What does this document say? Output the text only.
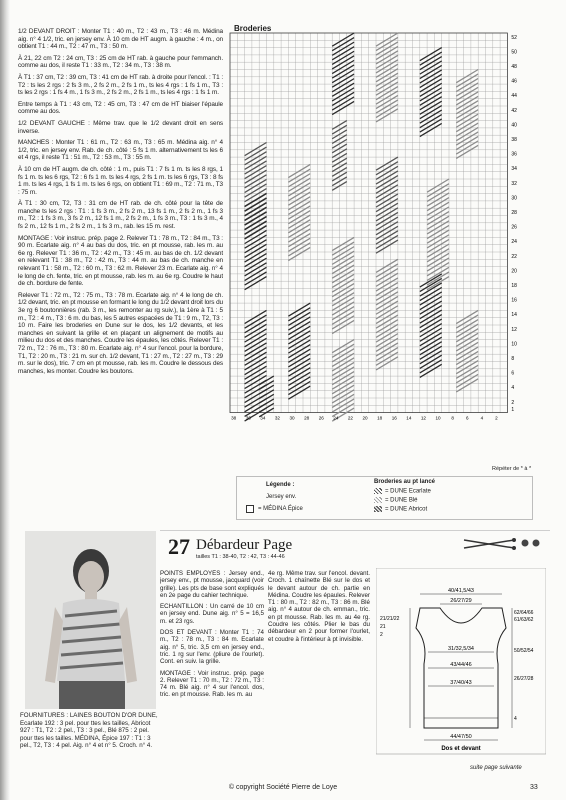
1/2 DEVANT DROIT : Monter T1 : 40 m., T2 : 43 m., T3 : 46 m. Médina aig. n° 4 1/2, tric. en jersey env. À 10 cm de HT augm. à gauche : 4 m., on obtient T1 : 44 m., T2 : 47 m., T3 : 50 m.

À 21, 22 cm T2 : 24 cm, T3 : 25 cm de HT rab. à gauche pour l'emmanch. comme au dos, il reste T1 : 33 m., T2 : 34 m., T3 : 38 m.

À T1 : 37 cm, T2 : 39 cm, T3 : 41 cm de HT rab. à droite pour l'encol. : T1 : T2 : ts les 2 rgs : 2 fs 3 m., 2 fs 2 m., 2 fs 1 m., ts les 4 rgs : 1 fs 1 m., T3 : ts les 2 rgs : 1 fs 4 m., 1 fs 3 m., 2 fs 2 m., 2 fs 1 m., ts les 4 rgs : 1 fs 1 m.

Entre temps à T1 : 43 cm, T2 : 45 cm, T3 : 47 cm de HT biaiser l'épaule comme au dos.

1/2 DEVANT GAUCHE : Même trav. que le 1/2 devant droit en sens inverse.

MANCHES : Monter T1 : 61 m., T2 : 63 m., T3 : 65 m. Médina aig. n° 4 1/2, tric. en jersey env. Rab. de ch. côté : 5 fs 1 m. alternativement ts les 6 et 4 rgs, il reste T1 : 51 m., T2 : 53 m., T3 : 55 m.

À 10 cm de HT augm. de ch. côté : 1 m., puis T1 : 7 fs 1 m. ts les 8 rgs, 1 fs 1 m. ts les 6 rgs, T2 : 6 fs 1 m. ts les 4 rgs, 2 fs 1 m. ts les 6 rgs, T3 : 8 fs 1 m. ts les 4 rgs, 1 fs 1 m. ts les 6 rgs, on obtient T1 : 69 m., T2 : 71 m., T3 : 75 m.

À T1 : 30 cm, T2, T3 : 31 cm de HT rab. de ch. côté pour la tête de manche ts les 2 rgs : T1 : 1 fs 3 m., 2 fs 2 m., 13 fs 1 m., 2 fs 2 m., 1 fs 3 m., T2 : 1 fs 3 m., 3 fs 2 m., 12 fs 1 m., 2 fs 2 m., 1 fs 3 m., T3 : 1 fs 3 m., 4 fs 2 m., 12 fs 1 m., 2 fs 2 m., 1 fs 3 m., rab. les 15 m. rest.

MONTAGE : Voir instruc. prép. page 2. Relever T1 : 78 m., T2 : 84 m., T3 : 90 m. Ecarlate aig. n° 4 au bas du dos, tric. en pt mousse, rab. les m. au 6e rg. Relever T1 : 36 m., T2 : 42 m., T3 : 45 m. au bas de ch. 1/2 devant en relevant T1 : 38 m., T2 : 42 m., T3 : 44 m. au bas de ch. manche en relevant T1 : 58 m., T2 : 60 m., T3 : 62 m. Relever 23 m. Ecarlate aig. n° 4 le long de ch. fente, tric. en pt mousse, rab. les m. au 6e rg. Coudre le haut de ch. bordure de fente.

Relever T1 : 72 m., T2 : 75 m., T3 : 78 m. Ecarlate aig. n° 4 le long de ch. 1/2 devant, tric. en pt mousse en formant le long du 1/2 devant droit lors du 3e rg 6 boutonnières (rab. 3 m., les remonter au rg suiv.), la 1ère à T1 : 5 m., T2 : 4 m., T3 : 6 m. du bas, les 5 autres espacées de T1 : 9 m., T2, T3 : 10 m. Faire les broderies en Dune sur le dos, les 1/2 devants, et les manches en suivant la grille et en plaçant un alignement de motifs au milieu du dos et des manches. Coudre les épaules, les côtés. Relever T1 : 72 m., T2 : 76 m., T3 : 80 m. Ecarlate aig. n° 4 sur l'encol. pour la bordure, T1, T2 : 20 m., T3 : 21 m. sur ch. 1/2 devant, T1 : 27 m., T2 : 27 m., T3 : 29 m. sur le dos), tric. 7 cm en pt mousse, rab. les m. Coudre le dessous des manches, les monter. Coudre les boutons.

Broderies
52
50
48
46
44
42
40
38
36
34
32
30
28
26
24
22
20
18
16
14
12
10
8
6
4
2
1
38 36 34 32 30 28 26 24 22 20 18 16 14 12 10 8	6	4	2
Répéter de * à *
Légende :
Jersey env.
= MÉDINA Épice
Broderies au pt lancé
= DUNE Ecarlate
= DUNE Blé
= DUNE Abricot
27 Débardeur Page
tailles T1 : 38-40, T2 : 42, T3 : 44-46

POINTS EMPLOYÉS : Jersey end., jersey env., pt mousse, jacquard (voir grille). Les pts de base sont expliqués en 2e page du cahier technique.

ECHANTILLON : Un carré de 10 cm en jersey end. Dune aig. n° 5 = 16,5 m. et 23 rgs.

DOS ET DEVANT : Monter T1 : 74 m., T2 : 78 m., T3 : 84 m. Ecarlate aig. n° 5, tric. 3,5 cm en jersey end., tric. 1 rg sur l'env. (pliure de l'ourlet). Cont. en suiv. la grille.

MONTAGE : Voir instruc. prép. page 2. Relever T1 : 70 m., T2 : 72 m., T3 : 74 m. Blé aig. n° 4 sur l'encol. dos, tric. en pt mousse. Rab. les m. au

4e rg. Même trav. sur l'encol. devant. Croch. 1 chaînette Blé sur le dos et le devant autour de ch. partie en Médina. Coudre les épaules. Relever T1 : 80 m., T2 : 82 m., T3 : 86 m. Blé aig. n° 4 autour de ch. emman., tric. en pt mousse. Rab. les m. au 4e rg. Coudre les côtés. Plier le bas du débardeur en 2 pour former l'ourlet, et coudre à l'intérieur à pt invisible.

FOURNITURES : LAINES BOUTON D'OR DUNE, Ecarlate 192 : 3 pel. pour ttes les tailles, Abricot 927 : T1, T2 : 2 pel., T3 : 3 pel., Blé 875 : 2 pel. pour ttes les tailles. MÉDINA, Épice 197 : T1 : 3 pel., T2, T3 : 4 pel. Aig. n° 4 et n° 5. Croch. n° 4.

40/41,5/43
26/27/29
62/64/66
61/63/62
21/21/22
21
2
31/32,5/34	50/52/54
43/44/46
37/40/43
26/27/28
4
44/47/50
Dos et devant
suite page suivante
© copyright Société Pierre de Loye	33
